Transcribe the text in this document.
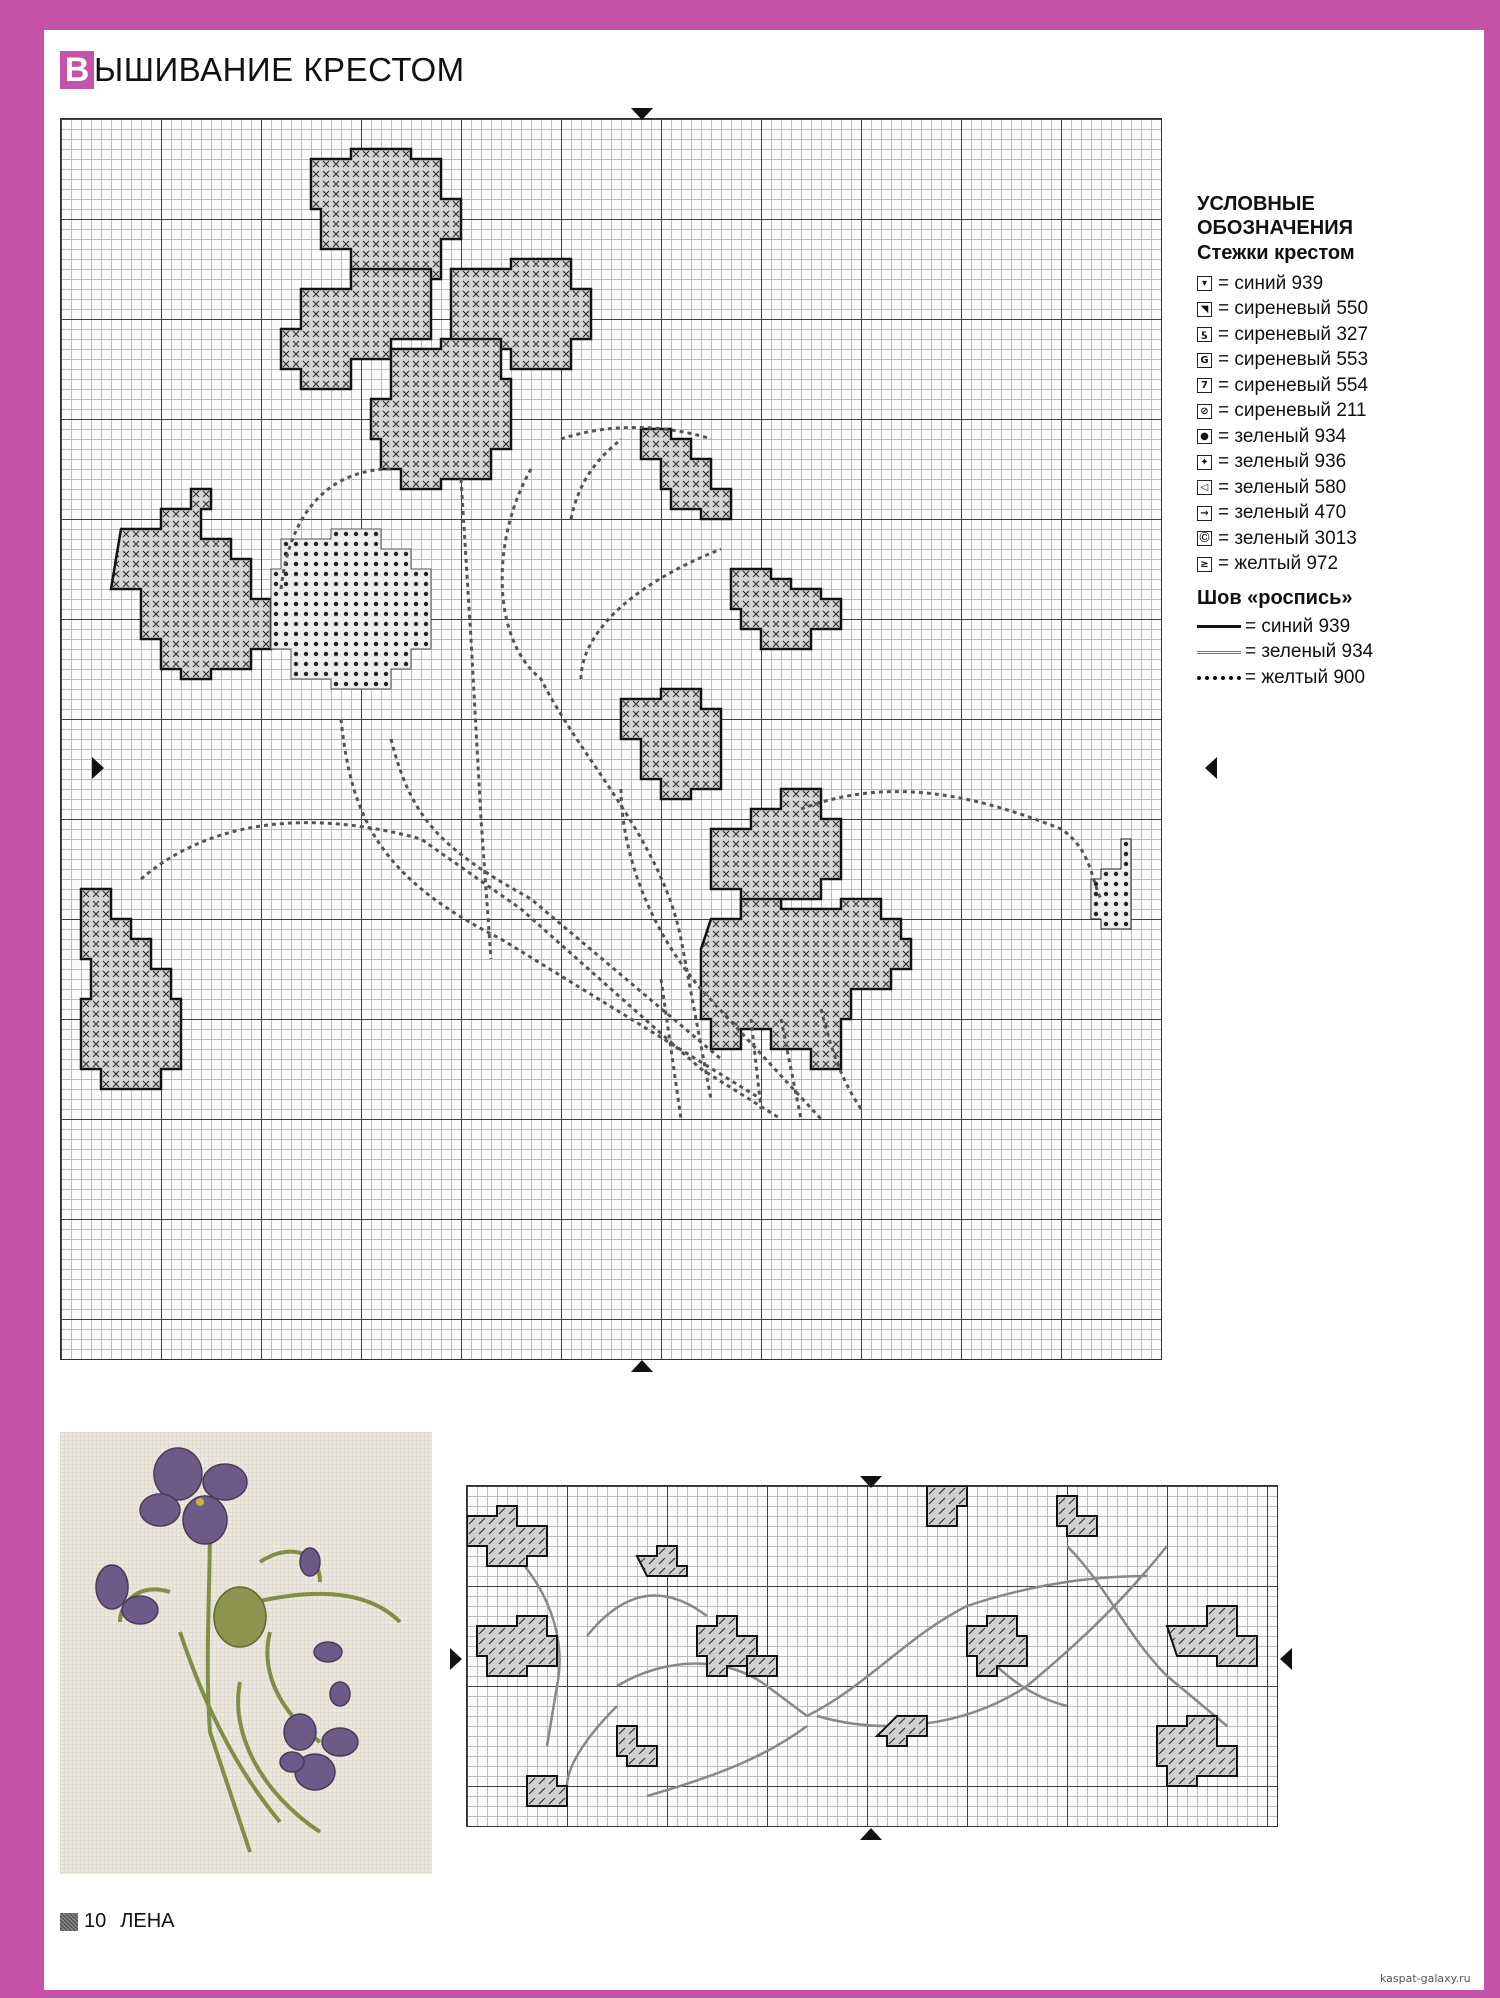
В ЫШИВАНИЕ КРЕСТОМ
УСЛОВНЫЕ
ОБОЗНАЧЕНИЯ
Стежки крестом
▾ = синий 939
◥ = сиреневый 550
ƽ = сиреневый 327
G = сиреневый 553
7 = сиреневый 554
⊘ = сиреневый 211
● = зеленый 934
✦ = зеленый 936
◁ = зеленый 580
→ = зеленый 470
Ⓒ = зеленый 3013
≥ = желтый 972
Шов «роспись»
= синий 939
= зеленый 934
= желтый 900
10 ЛЕНА
kaspat-galaxy.ru
